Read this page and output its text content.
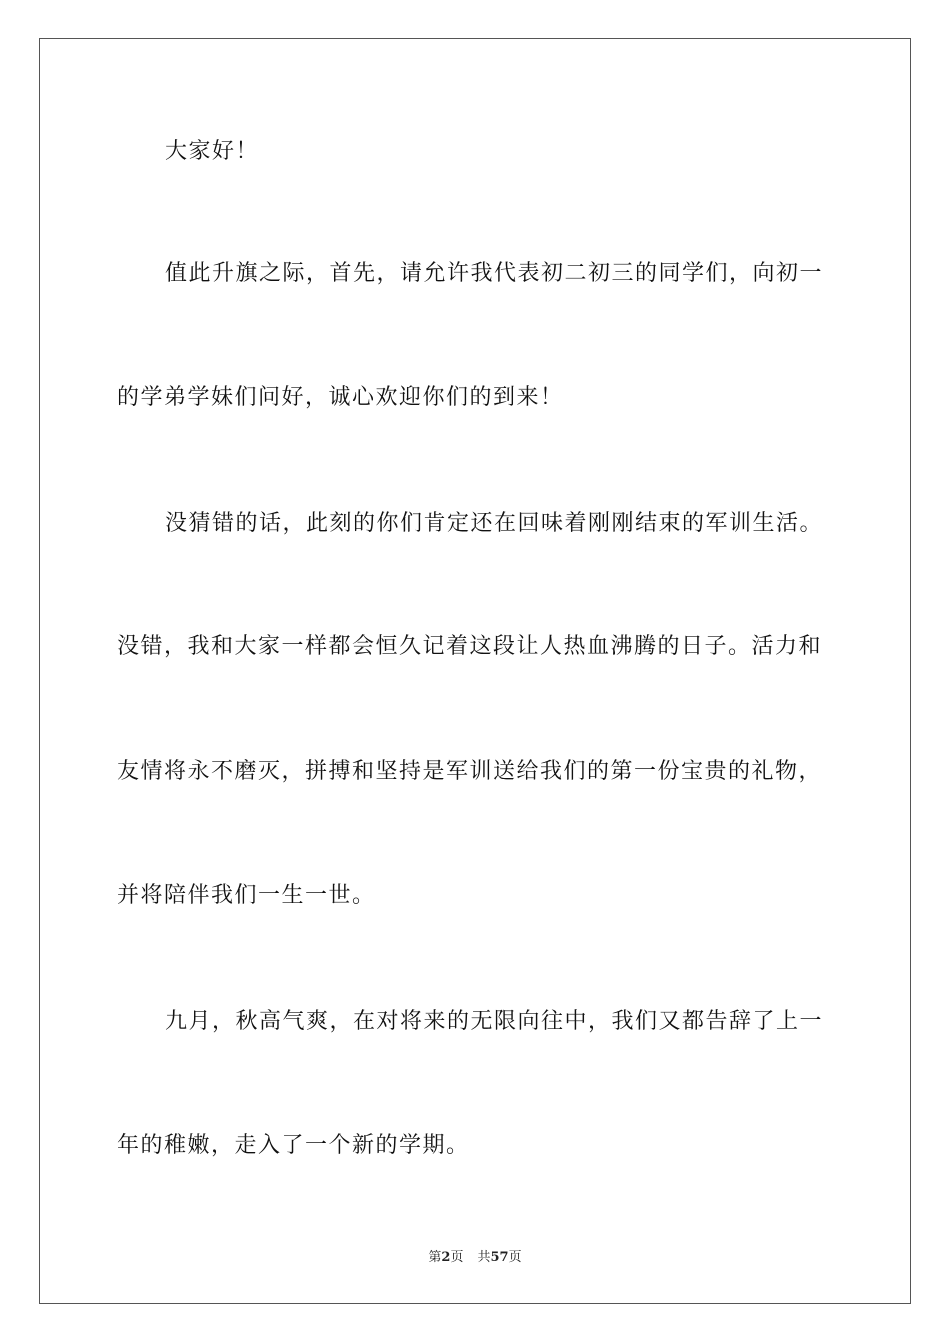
大家好！
值此升旗之际，首先，请允许我代表初二初三的同学们，向初一
的学弟学妹们问好，诚心欢迎你们的到来！
没猜错的话，此刻的你们肯定还在回味着刚刚结束的军训生活。
没错，我和大家一样都会恒久记着这段让人热血沸腾的日子。活力和
友情将永不磨灭，拼搏和坚持是军训送给我们的第一份宝贵的礼物，
并将陪伴我们一生一世。
九月，秋高气爽，在对将来的无限向往中，我们又都告辞了上一
年的稚嫩，走入了一个新的学期。
第2页 共57页
